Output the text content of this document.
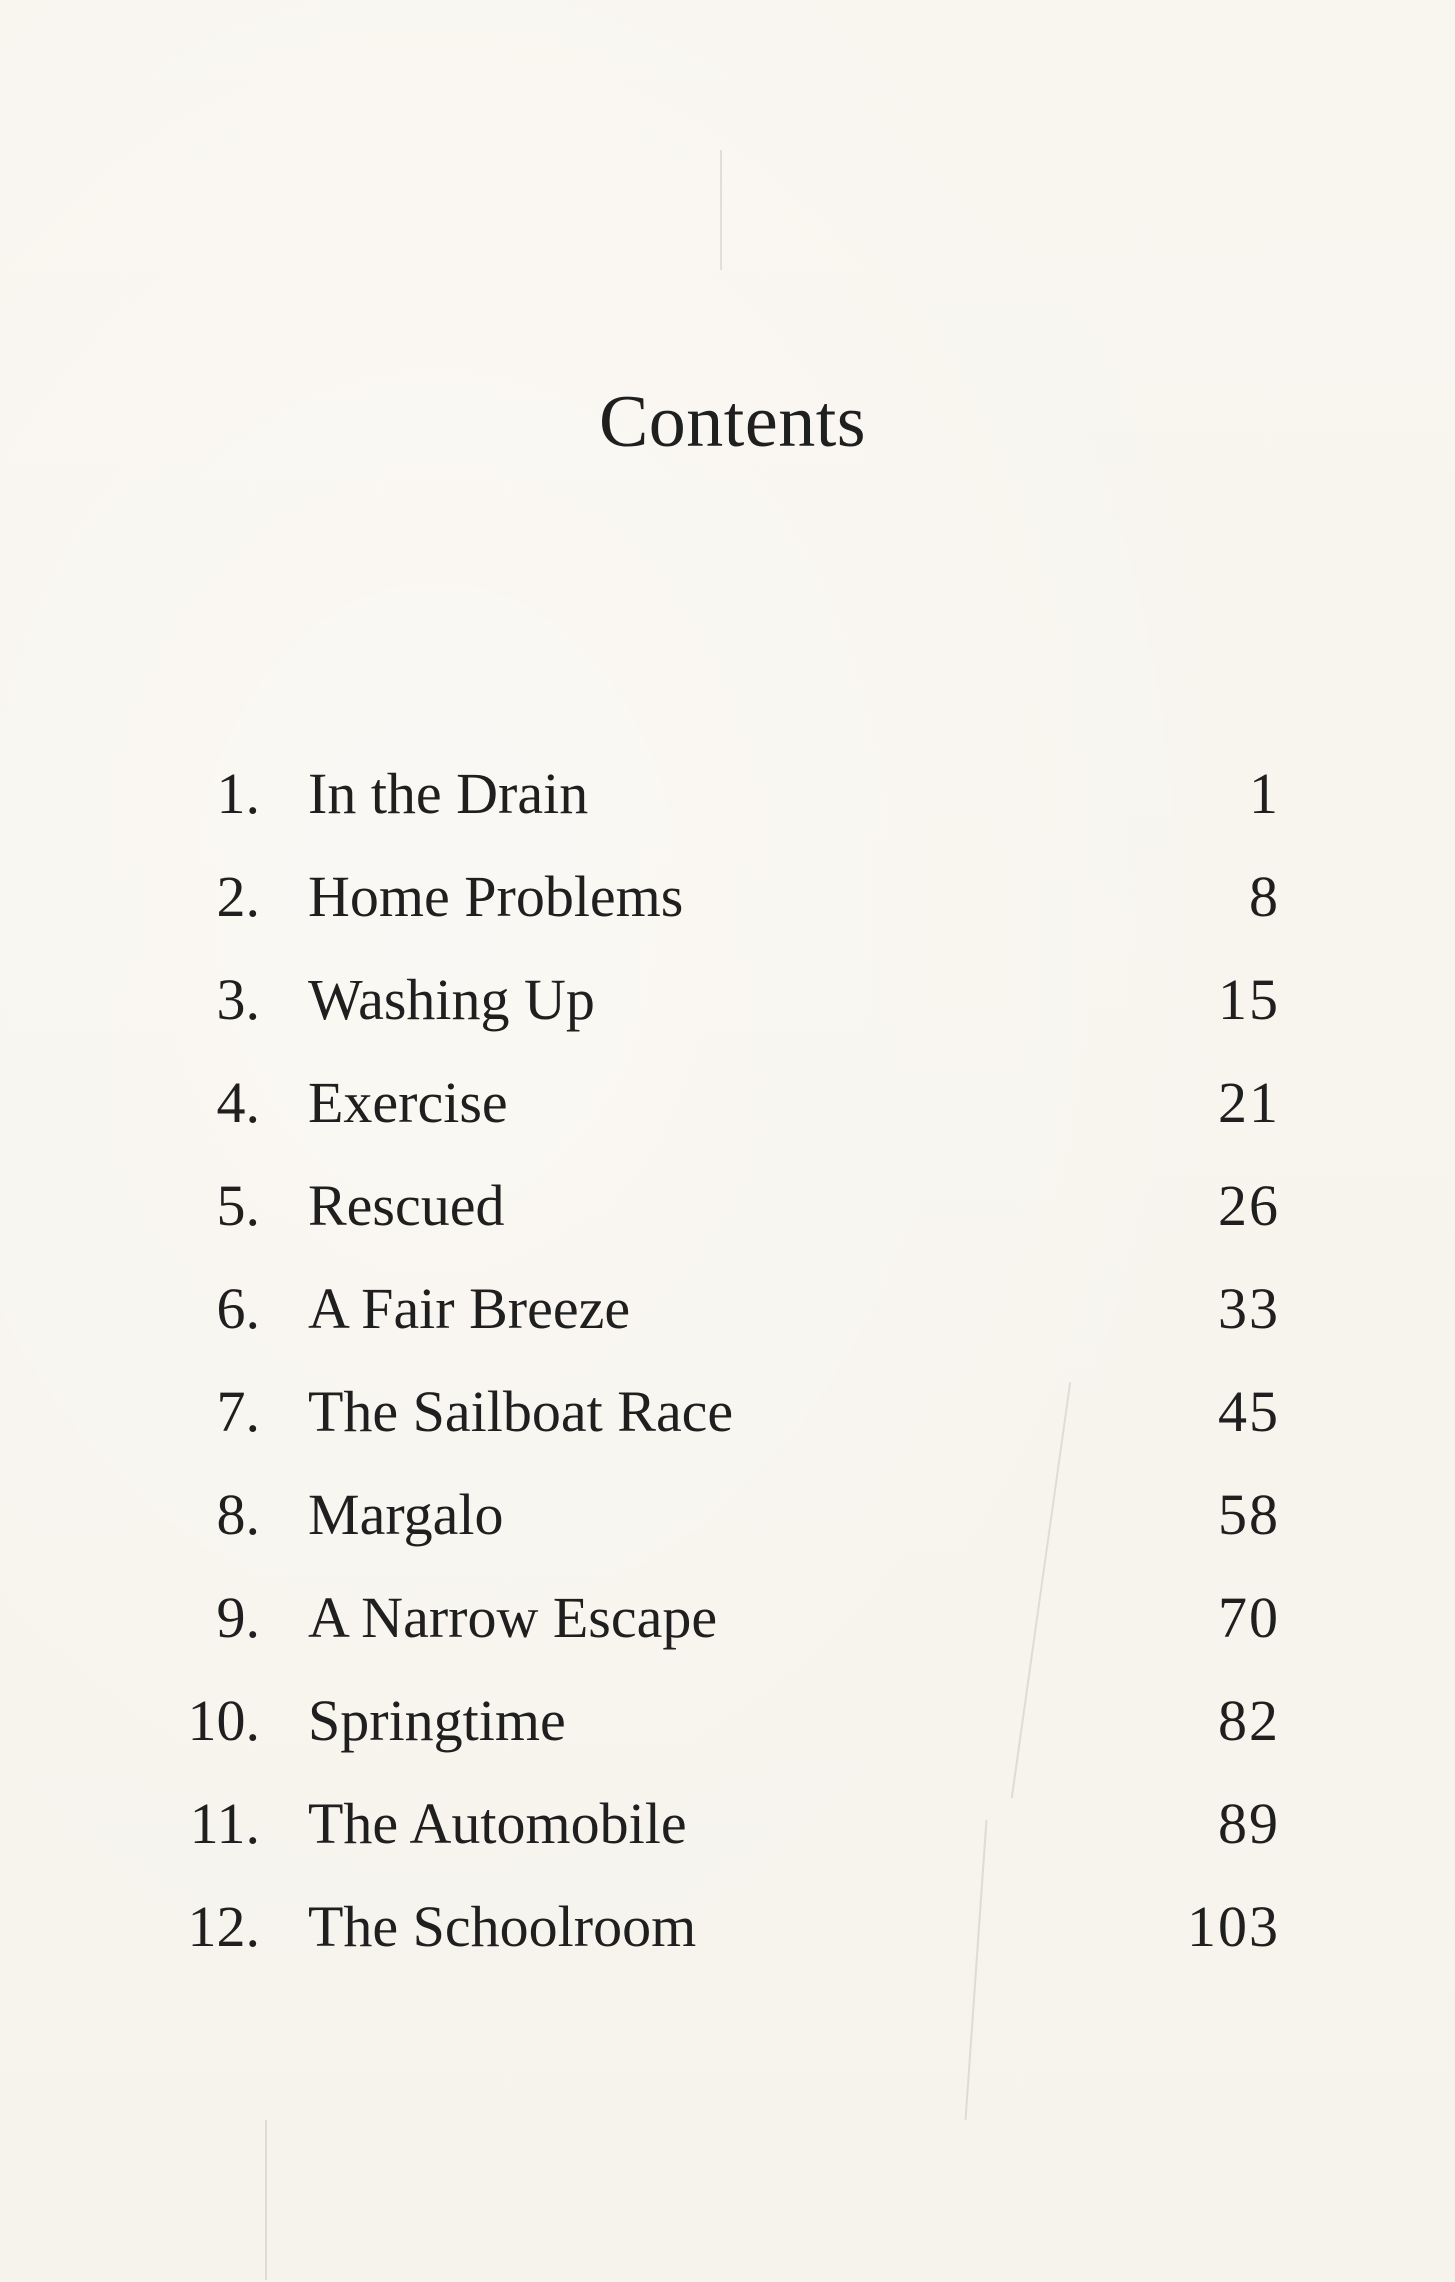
Contents
1. In the Drain	1
2. Home Problems	8
3. Washing Up	15
4. Exercise	21
5. Rescued	26
6. A Fair Breeze	33
7. The Sailboat Race	45
8. Margalo	58
9. A Narrow Escape	70
10. Springtime	82
11. The Automobile	89
12. The Schoolroom	103
